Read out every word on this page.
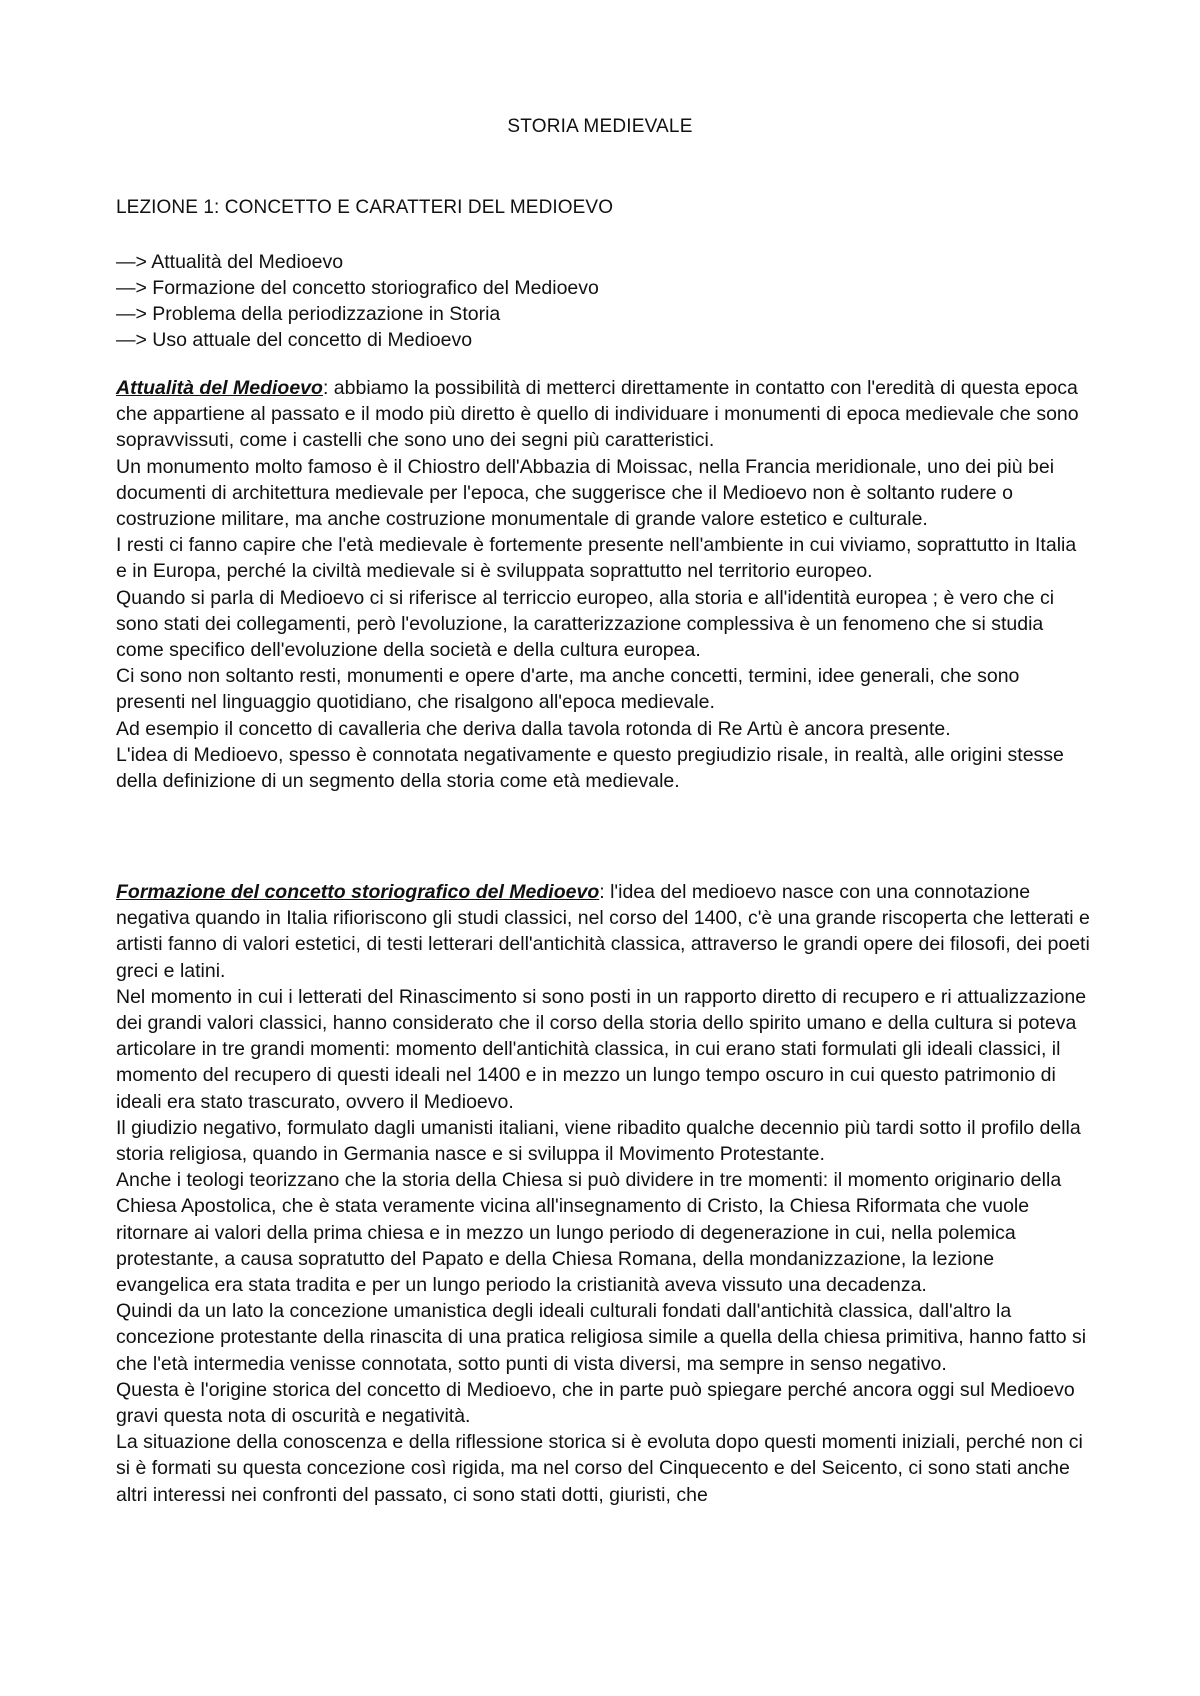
STORIA MEDIEVALE
LEZIONE 1: CONCETTO E CARATTERI DEL MEDIOEVO
—> Attualità del Medioevo
—> Formazione del concetto storiografico del Medioevo
—> Problema della periodizzazione in Storia
—> Uso attuale del concetto di Medioevo

Attualità del Medioevo: abbiamo la possibilità di metterci direttamente in contatto con l'eredità di questa epoca che appartiene al passato e il modo più diretto è quello di individuare i monumenti di epoca medievale che sono sopravvissuti, come i castelli che sono uno dei segni più caratteristici.

Un monumento molto famoso è il Chiostro dell'Abbazia di Moissac, nella Francia meridionale, uno dei più bei documenti di architettura medievale per l'epoca, che suggerisce che il Medioevo non è soltanto rudere o costruzione militare, ma anche costruzione monumentale di grande valore estetico e culturale.

I resti ci fanno capire che l'età medievale è fortemente presente nell'ambiente in cui viviamo, soprattutto in Italia e in Europa, perché la civiltà medievale si è sviluppata soprattutto nel territorio europeo.

Quando si parla di Medioevo ci si riferisce al terriccio europeo, alla storia e all'identità europea ; è vero che ci sono stati dei collegamenti, però l'evoluzione, la caratterizzazione complessiva è un fenomeno che si studia come specifico dell'evoluzione della società e della cultura europea.

Ci sono non soltanto resti, monumenti e opere d'arte, ma anche concetti, termini, idee generali, che sono presenti nel linguaggio quotidiano, che risalgono all'epoca medievale.

Ad esempio il concetto di cavalleria che deriva dalla tavola rotonda di Re Artù è ancora presente.

L'idea di Medioevo, spesso è connotata negativamente e questo pregiudizio risale, in realtà, alle origini stesse della definizione di un segmento della storia come età medievale.

Formazione del concetto storiografico del Medioevo: l'idea del medioevo nasce con una connotazione negativa quando in Italia rifioriscono gli studi classici, nel corso del 1400, c'è una grande riscoperta che letterati e artisti fanno di valori estetici, di testi letterari dell'antichità classica, attraverso le grandi opere dei filosofi, dei poeti greci e latini.

Nel momento in cui i letterati del Rinascimento si sono posti in un rapporto diretto di recupero e ri attualizzazione dei grandi valori classici, hanno considerato che il corso della storia dello spirito umano e della cultura si poteva articolare in tre grandi momenti: momento dell'antichità classica, in cui erano stati formulati gli ideali classici, il momento del recupero di questi ideali nel 1400 e in mezzo un lungo tempo oscuro in cui questo patrimonio di ideali era stato trascurato, ovvero il Medioevo.

Il giudizio negativo, formulato dagli umanisti italiani, viene ribadito qualche decennio più tardi sotto il profilo della storia religiosa, quando in Germania nasce e si sviluppa il Movimento Protestante.

Anche i teologi teorizzano che la storia della Chiesa si può dividere in tre momenti: il momento originario della Chiesa Apostolica, che è stata veramente vicina all'insegnamento di Cristo, la Chiesa Riformata che vuole ritornare ai valori della prima chiesa e in mezzo un lungo periodo di degenerazione in cui, nella polemica protestante, a causa sopratutto del Papato e della Chiesa Romana, della mondanizzazione, la lezione evangelica era stata tradita e per un lungo periodo la cristianità aveva vissuto una decadenza.

Quindi da un lato la concezione umanistica degli ideali culturali fondati dall'antichità classica, dall'altro la concezione protestante della rinascita di una pratica religiosa simile a quella della chiesa primitiva, hanno fatto si che l'età intermedia venisse connotata, sotto punti di vista diversi, ma sempre in senso negativo.

Questa è l'origine storica del concetto di Medioevo, che in parte può spiegare perché ancora oggi sul Medioevo gravi questa nota di oscurità e negatività.

La situazione della conoscenza e della riflessione storica si è evoluta dopo questi momenti iniziali, perché non ci si è formati su questa concezione così rigida, ma nel corso del Cinquecento e del Seicento, ci sono stati anche altri interessi nei confronti del passato, ci sono stati dotti, giuristi, che
